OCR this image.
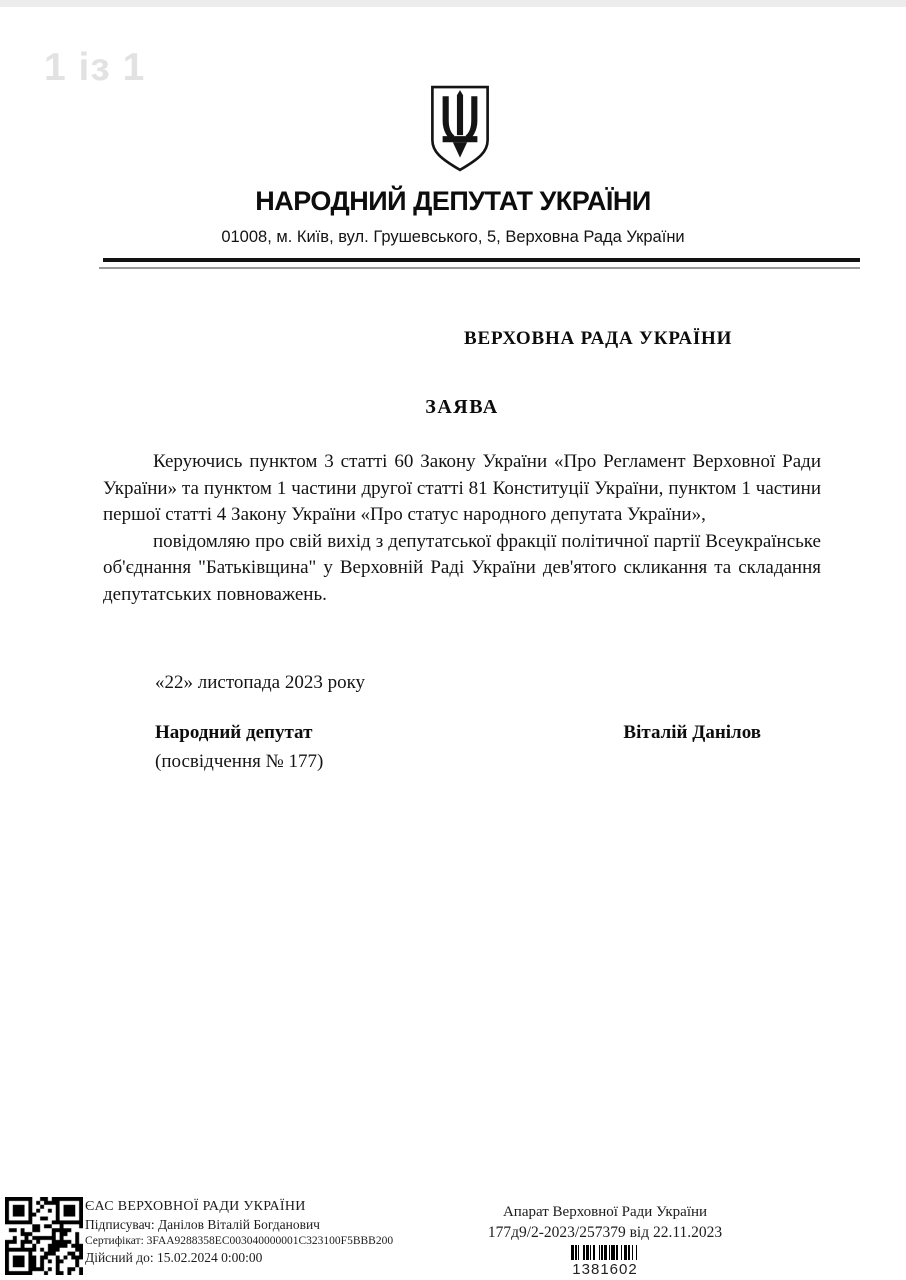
1 із 1
НАРОДНИЙ ДЕПУТАТ УКРАЇНИ
01008, м. Київ, вул. Грушевського, 5, Верховна Рада України
ВЕРХОВНА РАДА УКРАЇНИ
ЗАЯВА

Керуючись пунктом 3 статті 60 Закону України «Про Регламент Верховної Ради України» та пунктом 1 частини другої статті 81 Конституції України, пунктом 1 частини першої статті 4 Закону України «Про статус народного депутата України»,

повідомляю про свій вихід з депутатської фракції політичної партії Всеукраїнське об'єднання "Батьківщина" у Верховній Раді України дев'ятого скликання та складання депутатських повноважень.

«22» листопада 2023 року
Народний депутат
(посвідчення № 177)
Віталій Данілов
ЄАС ВЕРХОВНОЇ РАДИ УКРАЇНИ
Підписувач: Данілов Віталій Богданович
Сертифікат: 3FAA9288358EC003040000001C323100F5BBB200
Дійсний до: 15.02.2024 0:00:00
Апарат Верховної Ради України
177д9/2-2023/257379 від 22.11.2023
1381602
